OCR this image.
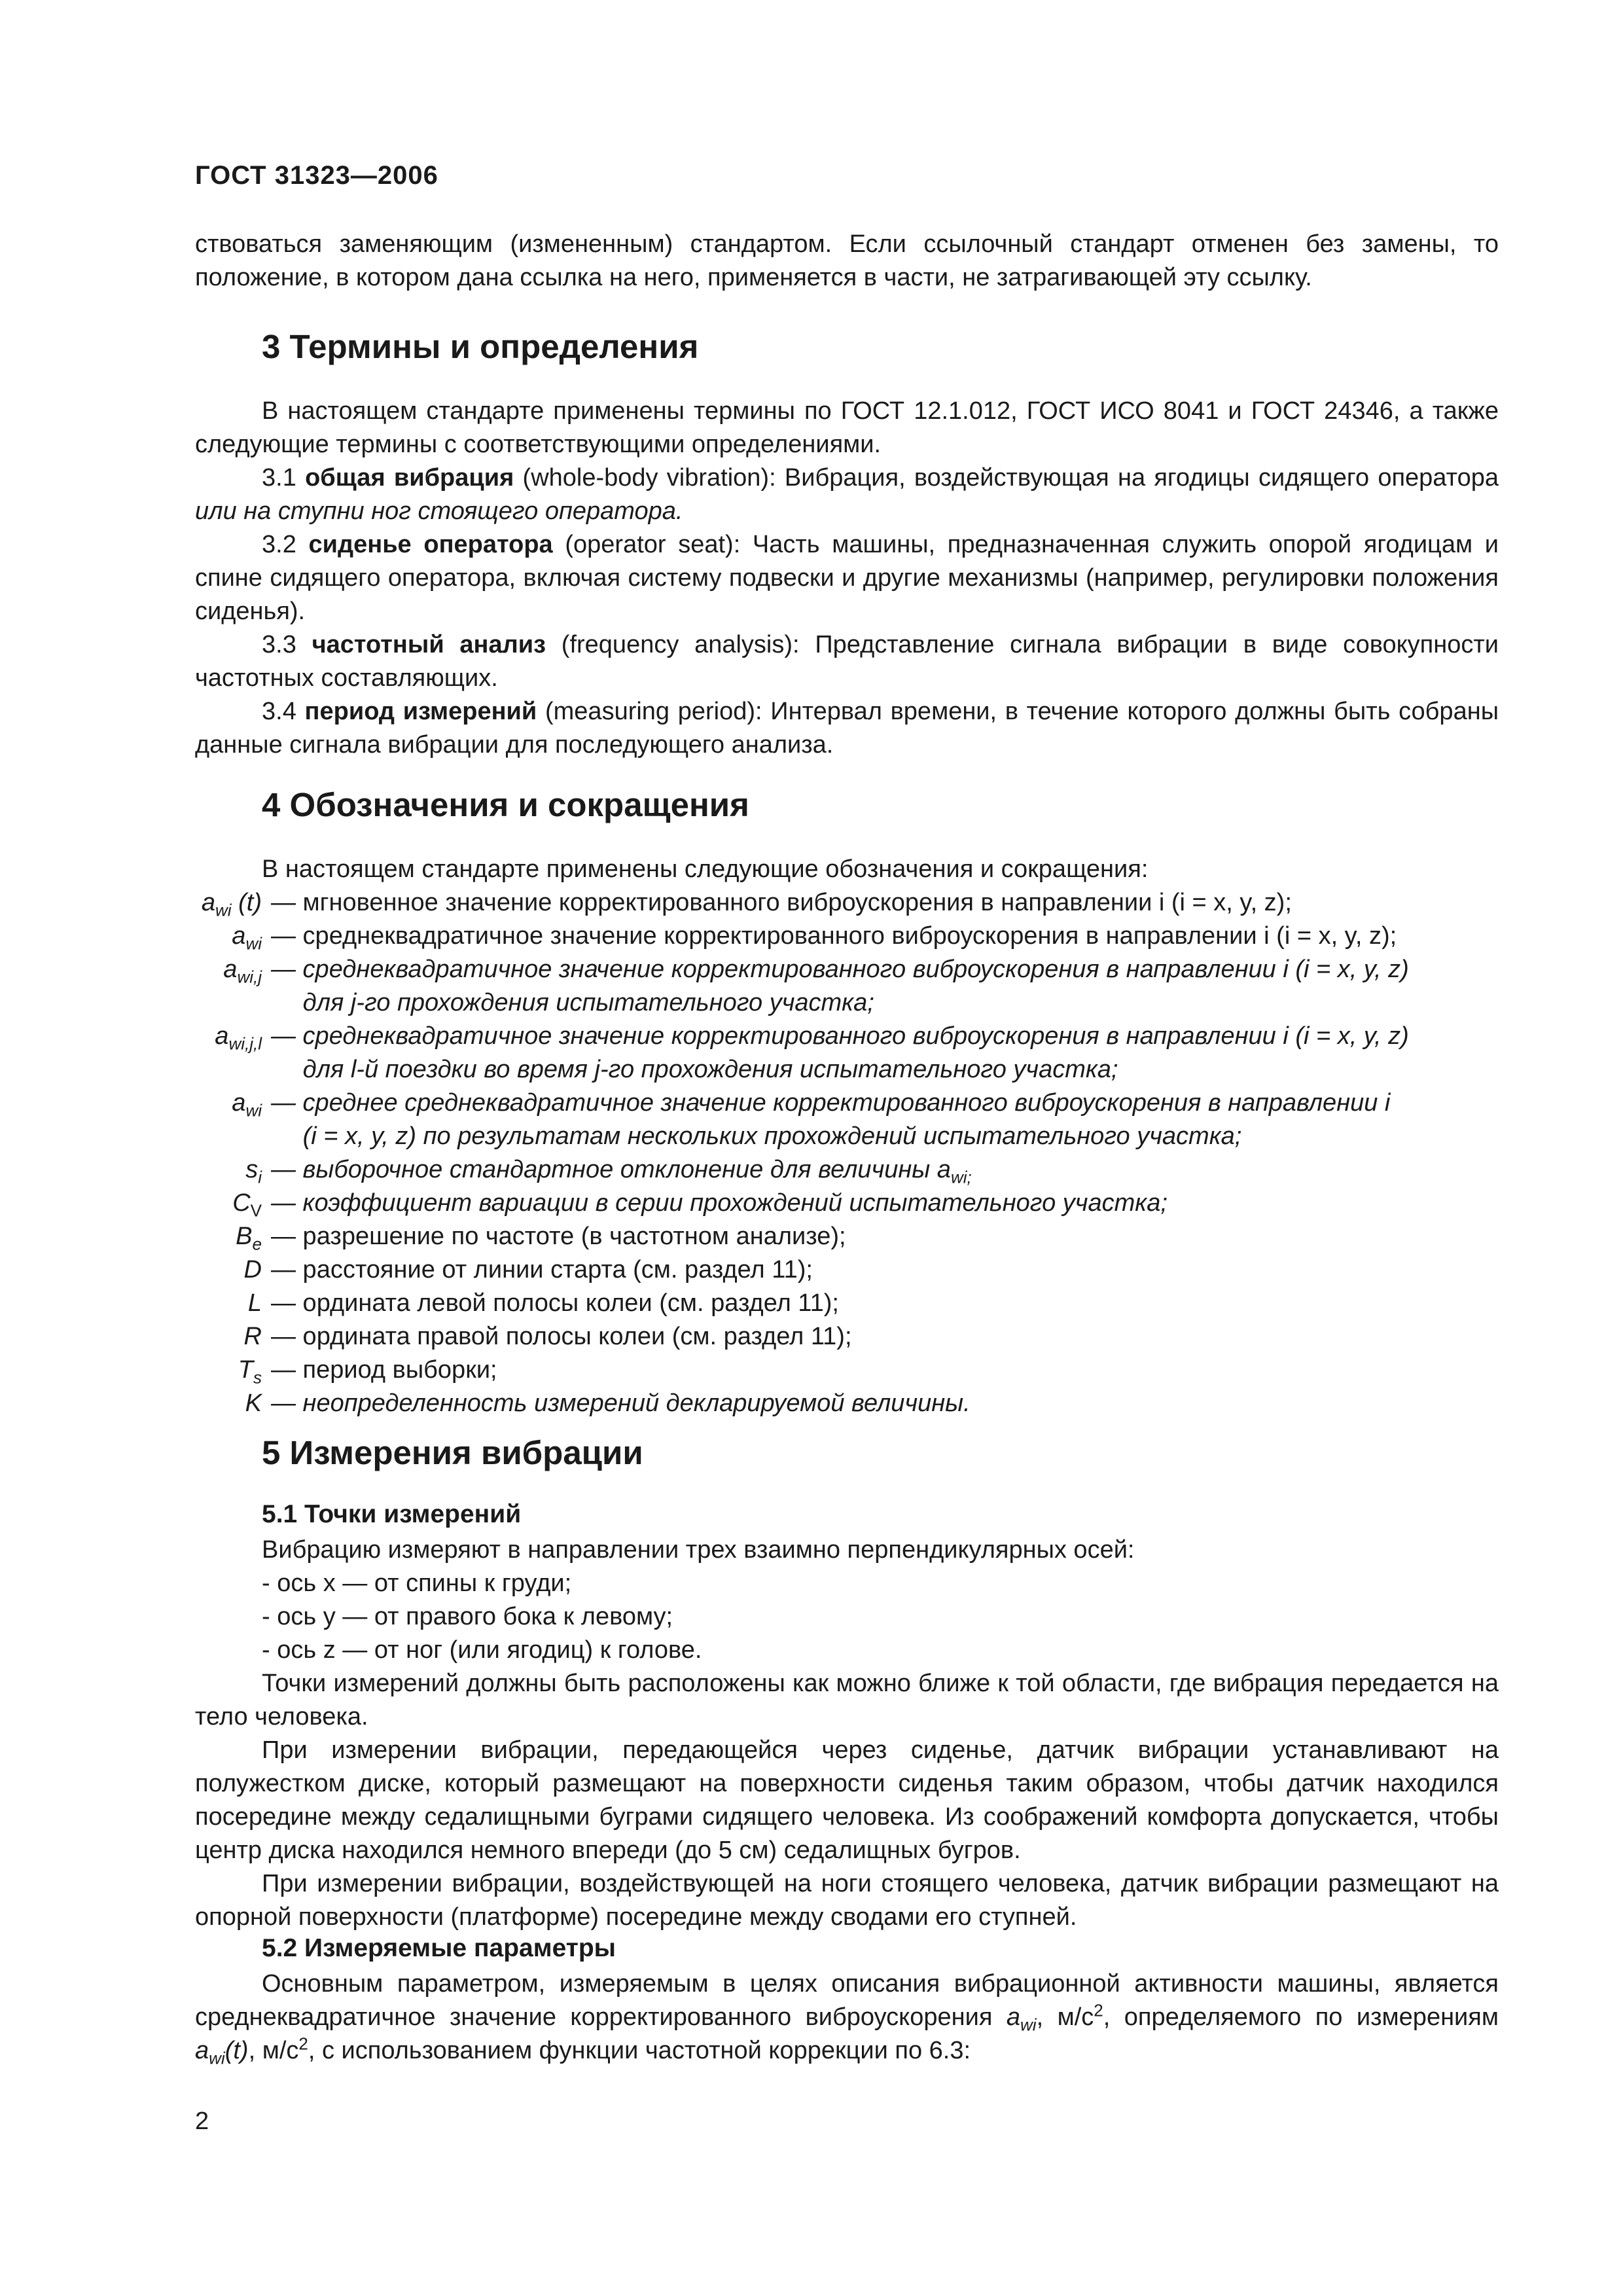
ГОСТ 31323—2006

ствоваться заменяющим (измененным) стандартом. Если ссылочный стандарт отменен без замены, то положение, в котором дана ссылка на него, применяется в части, не затрагивающей эту ссылку.

3 Термины и определения

В настоящем стандарте применены термины по ГОСТ 12.1.012, ГОСТ ИСО 8041 и ГОСТ 24346, а также следующие термины с соответствующими определениями.

3.1 общая вибрация (whole-body vibration): Вибрация, воздействующая на ягодицы сидящего оператора или на ступни ног стоящего оператора.

3.2 сиденье оператора (operator seat): Часть машины, предназначенная служить опорой ягодицам и спине сидящего оператора, включая систему подвески и другие механизмы (например, регулировки положения сиденья).

3.3 частотный анализ (frequency analysis): Представление сигнала вибрации в виде совокупности частотных составляющих.

3.4 период измерений (measuring period): Интервал времени, в течение которого должны быть собраны данные сигнала вибрации для последующего анализа.

4 Обозначения и сокращения
В настоящем стандарте применены следующие обозначения и сокращения:
$a_{wi}$ (t) — мгновенное значение корректированного виброускорения в направлении i (i = x, y, z);
$a_{wi}$ — среднеквадратичное значение корректированного виброускорения в направлении i (i = x, y, z);
$a_{wi,j}$ — среднеквадратичное значение корректированного виброускорения в направлении i (i = x, y, z)
для j-го прохождения испытательного участка;
$a_{wi,j,l}$ — среднеквадратичное значение корректированного виброускорения в направлении i (i = x, y, z)
для l-й поездки во время j-го прохождения испытательного участка;
$a_{wi}$ — среднее среднеквадратичное значение корректированного виброускорения в направлении i
(i = x, y, z) по результатам нескольких прохождений испытательного участка;
$s_i$ — выборочное стандартное отклонение для величины $a_{wi;}$
$C_V$ — коэффициент вариации в серии прохождений испытательного участка;
$B_e$ — разрешение по частоте (в частотном анализе);
D — расстояние от линии старта (см. раздел 11);
L — ордината левой полосы колеи (см. раздел 11);
R — ордината правой полосы колеи (см. раздел 11);
$T_s$ — период выборки;
K — неопределенность измерений декларируемой величины.
5 Измерения вибрации
5.1 Точки измерений

Вибрацию измеряют в направлении трех взаимно перпендикулярных осей:

- ось x — от спины к груди;

- ось y — от правого бока к левому;

- ось z — от ног (или ягодиц) к голове.

Точки измерений должны быть расположены как можно ближе к той области, где вибрация передается на тело человека.

При измерении вибрации, передающейся через сиденье, датчик вибрации устанавливают на полужестком диске, который размещают на поверхности сиденья таким образом, чтобы датчик находился посередине между седалищными буграми сидящего человека. Из соображений комфорта допускается, чтобы центр диска находился немного впереди (до 5 см) седалищных бугров.

При измерении вибрации, воздействующей на ноги стоящего человека, датчик вибрации размещают на опорной поверхности (платформе) посередине между сводами его ступней.

5.2 Измеряемые параметры

Основным параметром, измеряемым в целях описания вибрационной активности машины, является среднеквадратичное значение корректированного виброускорения $a_{wi}$, $м/с^2$, определяемого по измерениям $a_{wi}(t)$, $м/с^2$, с использованием функции частотной коррекции по 6.3:

2
